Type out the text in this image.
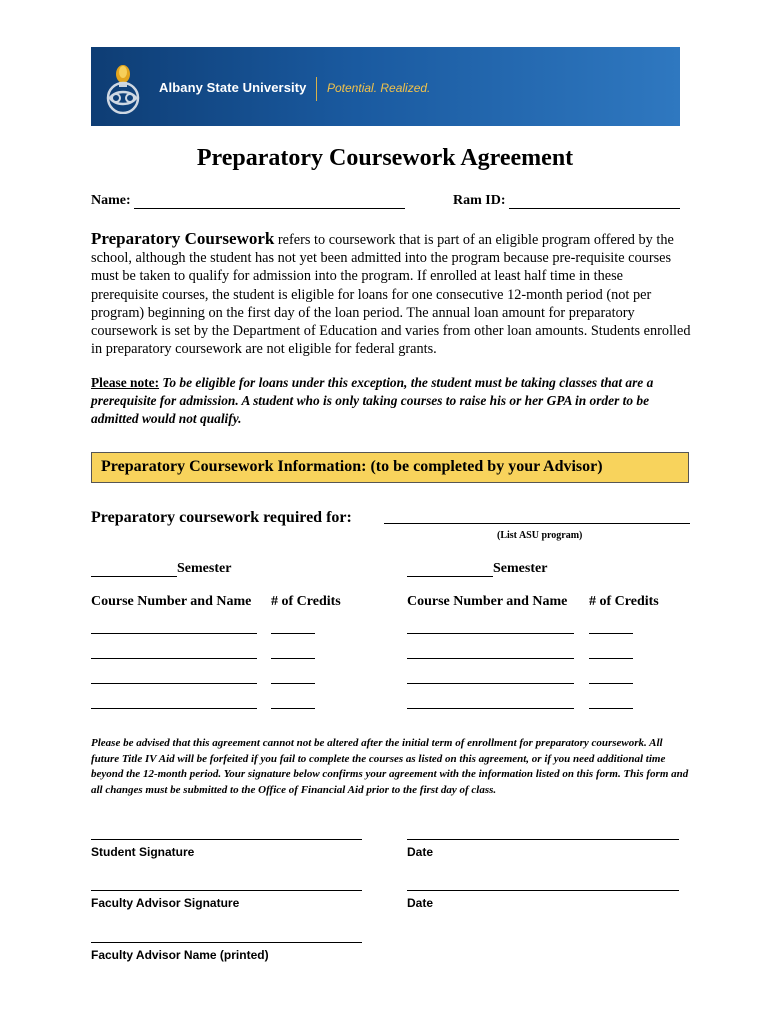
Albany State University Potential. Realized.
Preparatory Coursework Agreement
Name:	Ram ID:
Preparatory Coursework refers to coursework that is part of an eligible program offered by the school, although the student has not yet been admitted into the program because pre-requisite courses must be taken to qualify for admission into the program. If enrolled at least half time in these prerequisite courses, the student is eligible for loans for one consecutive 12-month period (not per program) beginning on the first day of the loan period. The annual loan amount for preparatory coursework is set by the Department of Education and varies from other loan amounts. Students enrolled in preparatory coursework are not eligible for federal grants.
Please note: To be eligible for loans under this exception, the student must be taking classes that are a prerequisite for admission. A student who is only taking courses to raise his or her GPA in order to be admitted would not qualify.
Preparatory Coursework Information: (to be completed by your Advisor)
Preparatory coursework required for:
(List ASU program)
Semester
Course Number and Name # of Credits
Semester
Course Number and Name # of Credits
Please be advised that this agreement cannot not be altered after the initial term of enrollment for preparatory coursework. All future Title IV Aid will be forfeited if you fail to complete the courses as listed on this agreement, or if you need additional time beyond the 12-month period. Your signature below confirms your agreement with the information listed on this form. This form and all changes must be submitted to the Office of Financial Aid prior to the first day of class.
Student Signature	Date
Faculty Advisor Signature	Date
Faculty Advisor Name (printed)
